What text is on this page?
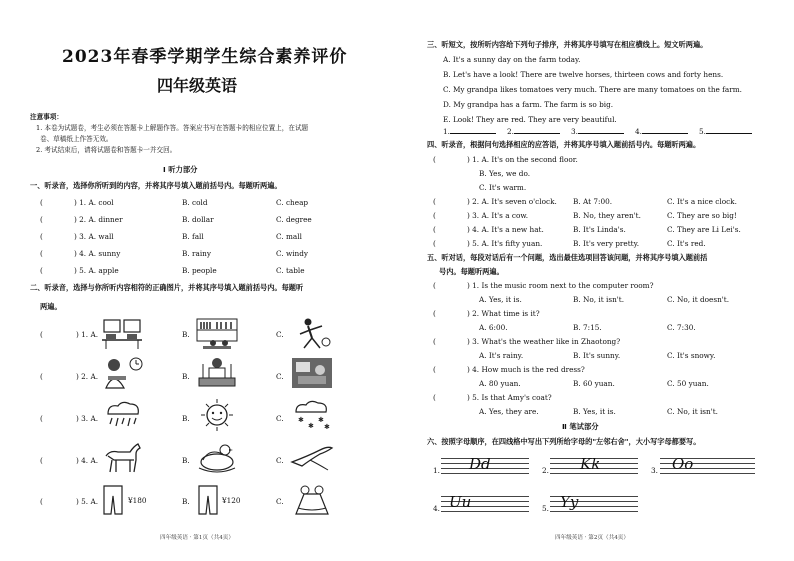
2023年春季学期学生综合素养评价
四年级英语
注意事项：
1. 本卷为试题卷，考生必须在答题卡上解题作答。答案应书写在答题卡的相应位置上，在试题
卷、草稿纸上作答无效。
2. 考试结束后，请将试题卷和答题卡一并交回。
Ⅰ 听力部分
一、听录音，选择你所听到的内容，并将其序号填入题前括号内。每题听两遍。
(	) 1. A. cool	B. cold	C. cheap
(	) 2. A. dinner	B. dollar	C. degree
(	) 3. A. wall	B. fall	C. mall
(	) 4. A. sunny	B. rainy	C. windy
(	) 5. A. apple	B. people	C. table
二、听录音，选择与你所听内容相符的正确图片，并将其序号填入题前括号内。每题听
两遍。
(	) 1. A.	B.	C.
(	) 2. A.	B.	C.
(	) 3. A.	B.	C.
(	) 4. A.	B.	C.
(	) 5. A.	B.	C.
✱
✱
✱
✱
¥180	¥120
四年级英语 · 第1页（共4页）
三、听短文，按所听内容给下列句子排序，并将其序号填写在相应横线上。短文听两遍。
A. It's a sunny day on the farm today.
B. Let's have a look! There are twelve horses, thirteen cows and forty hens.
C. My grandpa likes tomatoes very much. There are many tomatoes on the farm.
D. My grandpa has a farm. The farm is so big.
E. Look! They are red. They are very beautiful.
1.	2.	3.	4.	5.
四、听录音，根据问句选择相应的应答语，并将其序号填入题前括号内。每题听两遍。
(	) 1. A. It's on the second floor.
B. Yes, we do.
C. It's warm.
(	) 2. A. It's seven o'clock. B. At 7:00.	C. It's a nice clock.
(	) 3. A. It's a cow.	B. No, they aren't.	C. They are so big!
(	) 4. A. It's a new hat.	B. It's Linda's.	C. They are Li Lei's.
(	) 5. A. It's fifty yuan.	B. It's very pretty.	C. It's red.
五、听对话，每段对话后有一个问题，选出最佳选项回答该问题，并将其序号填入题前括
号内。每题听两遍。
(	) 1. Is the music room next to the computer room?
A. Yes, it is.	B. No, it isn't.	C. No, it doesn't.
(	) 2. What time is it?
A. 6:00.	B. 7:15.	C. 7:30.
(	) 3. What's the weather like in Zhaotong?
A. It's rainy.	B. It's sunny.	C. It's snowy.
(	) 4. How much is the red dress?
A. 80 yuan.	B. 60 yuan.	C. 50 yuan.
(	) 5. Is that Amy's coat?
A. Yes, they are.	B. Yes, it is.	C. No, it isn't.
Ⅱ 笔试部分
六、按照字母顺序，在四线格中写出下列所给字母的"左邻右舍"，大小写字母都要写。
1. Dd	2. Kk	3. Oo
4. Uu	5. Yy
四年级英语 · 第2页（共4页）
